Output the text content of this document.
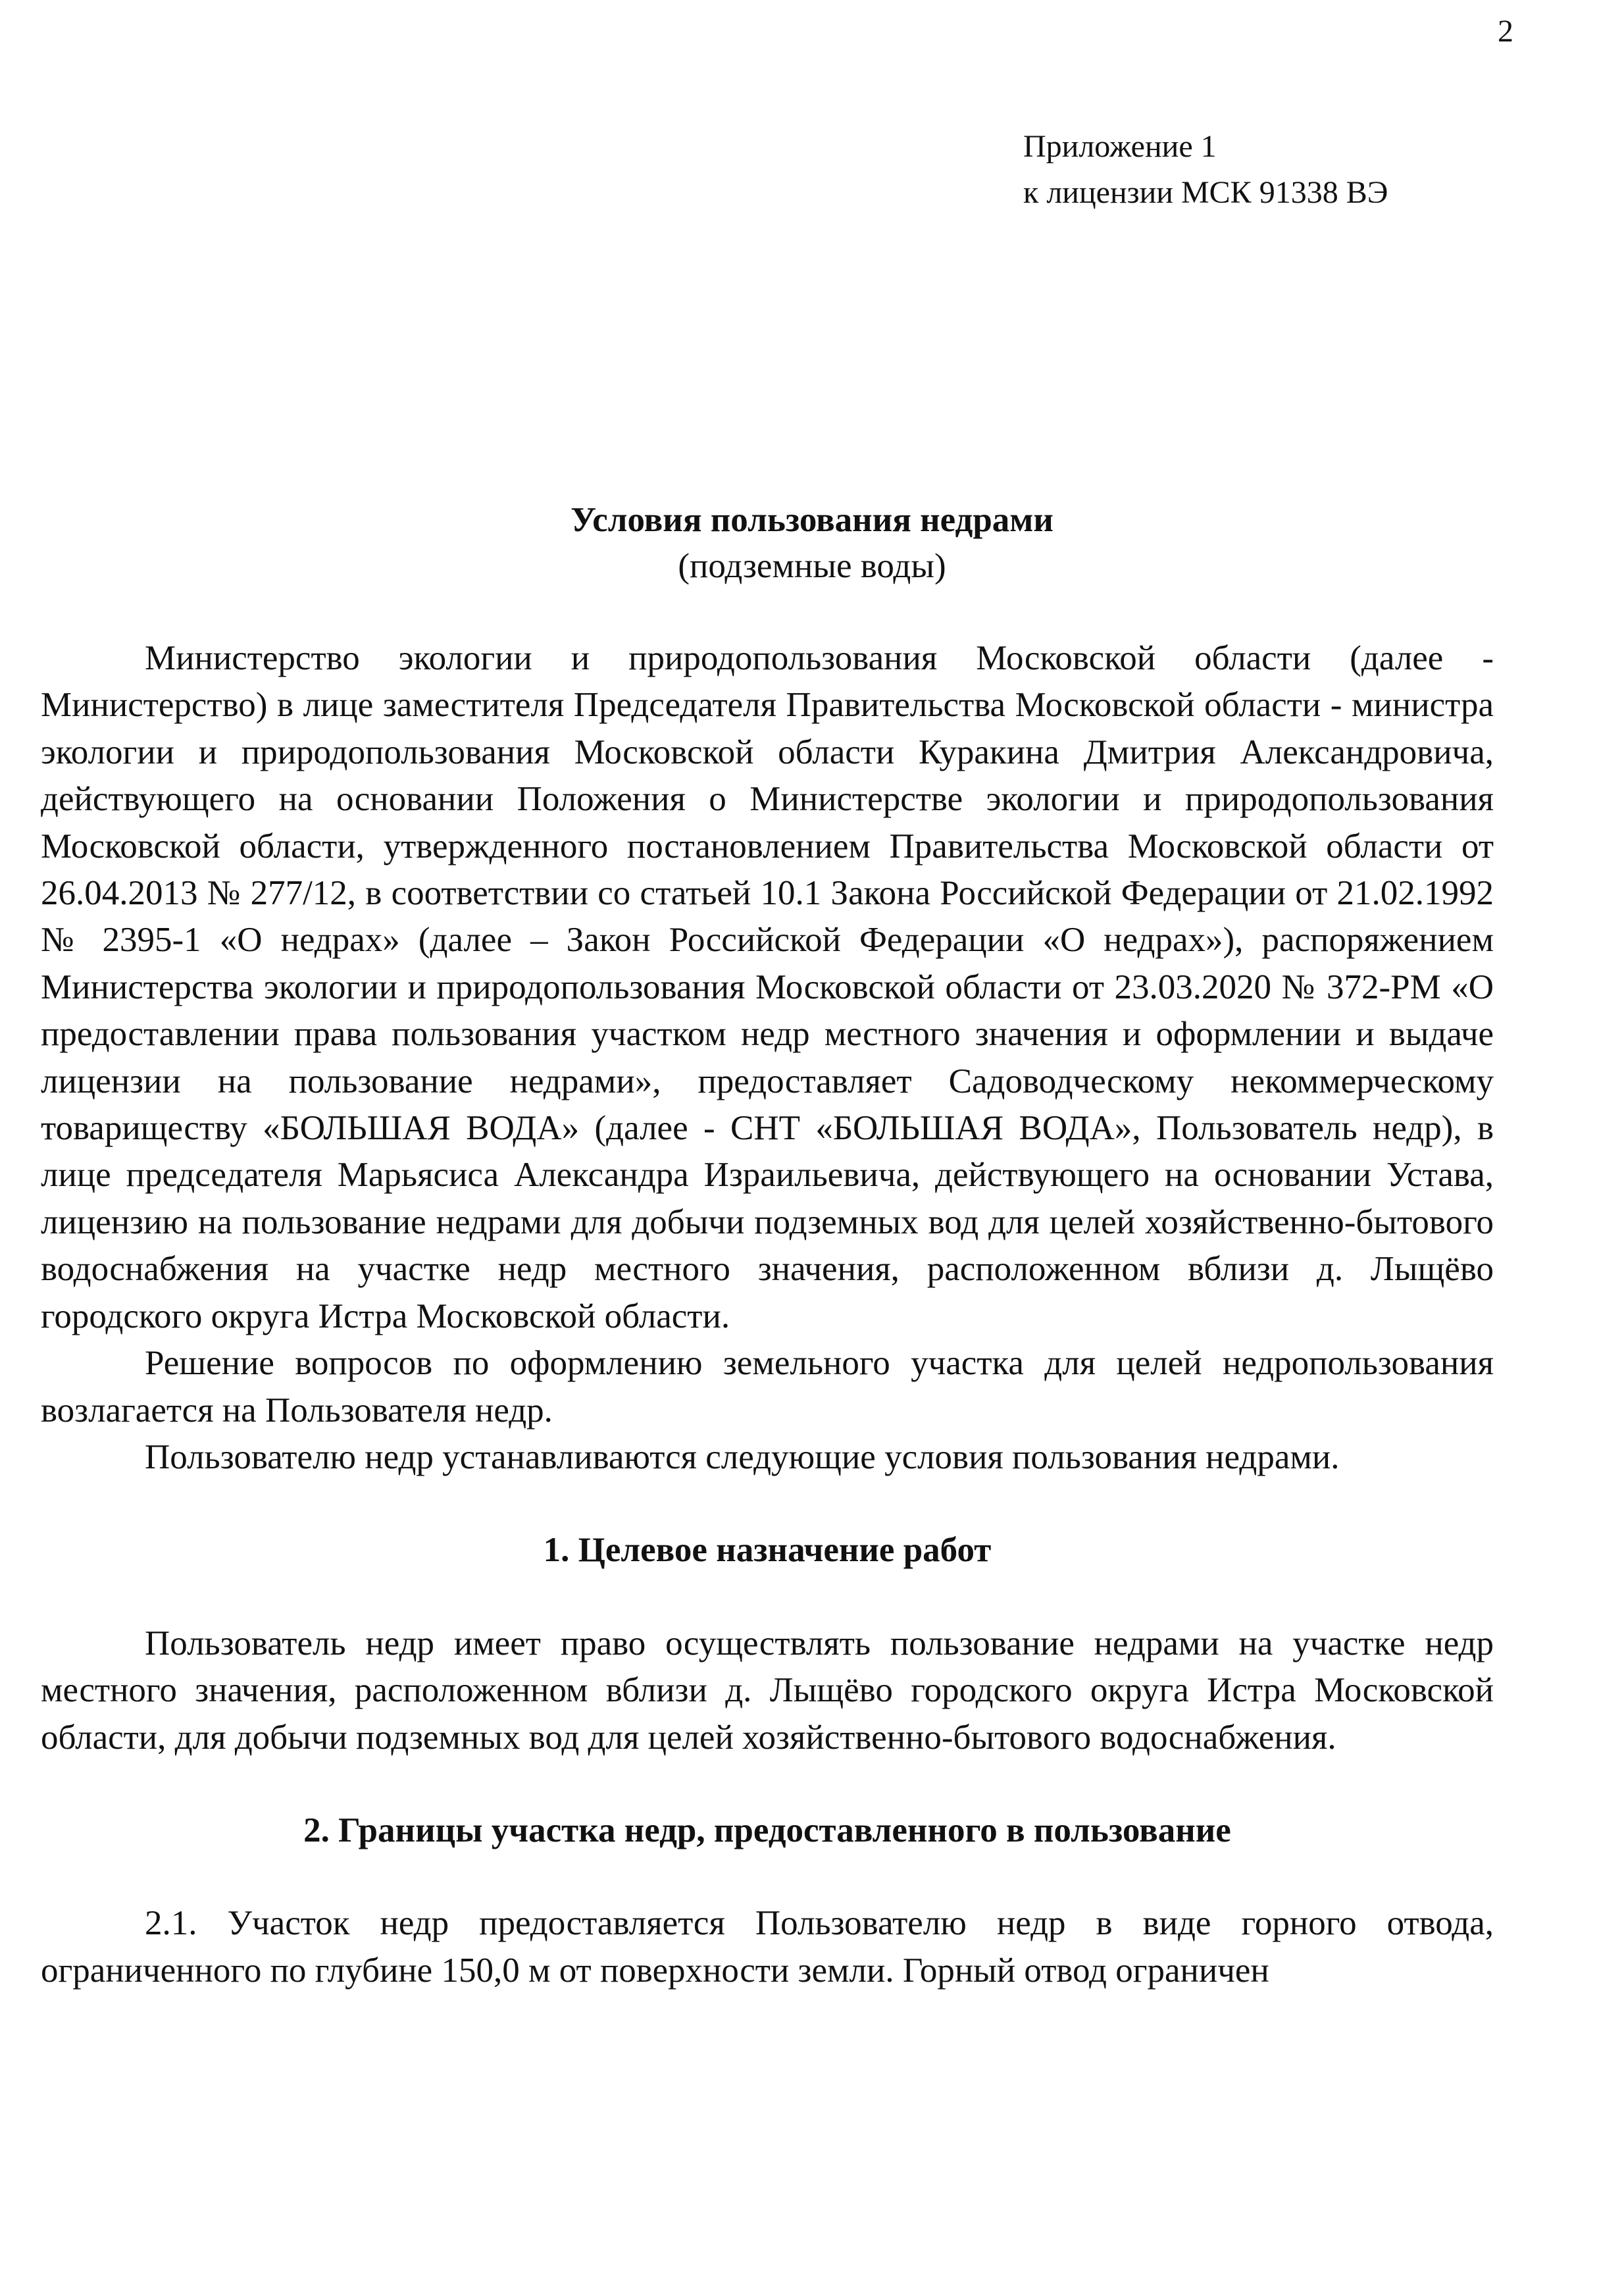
2
Приложение 1
к лицензии МСК 91338 ВЭ
Условия пользования недрами
(подземные воды)

Министерство экологии и природопользования Московской области (далее - Министерство) в лице заместителя Председателя Правительства Московской области - министра экологии и природопользования Московской области Куракина Дмитрия Александровича, действующего на основании Положения о Министерстве экологии и природопользования Московской области, утвержденного постановлением Правительства Московской области от 26.04.2013 № 277/12, в соответствии со статьей 10.1 Закона Российской Федерации от 21.02.1992 № 2395-1 «О недрах» (далее – Закон Российской Федерации «О недрах»), распоряжением Министерства экологии и природопользования Московской области от 23.03.2020 № 372-РМ «О предоставлении права пользования участком недр местного значения и оформлении и выдаче лицензии на пользование недрами», предоставляет Садоводческому некоммерческому товариществу «БОЛЬШАЯ ВОДА» (далее - СНТ «БОЛЬШАЯ ВОДА», Пользователь недр), в лице председателя Марьясиса Александра Израильевича, действующего на основании Устава, лицензию на пользование недрами для добычи подземных вод для целей хозяйственно-бытового водоснабжения на участке недр местного значения, расположенном вблизи д. Лыщёво городского округа Истра Московской области.

Решение вопросов по оформлению земельного участка для целей недропользования возлагается на Пользователя недр.

Пользователю недр устанавливаются следующие условия пользования недрами.

1. Целевое назначение работ

Пользователь недр имеет право осуществлять пользование недрами на участке недр местного значения, расположенном вблизи д. Лыщёво городского округа Истра Московской области, для добычи подземных вод для целей хозяйственно-бытового водоснабжения.

2. Границы участка недр, предоставленного в пользование

2.1. Участок недр предоставляется Пользователю недр в виде горного отвода, ограниченного по глубине 150,0 м от поверхности земли. Горный отвод ограничен
